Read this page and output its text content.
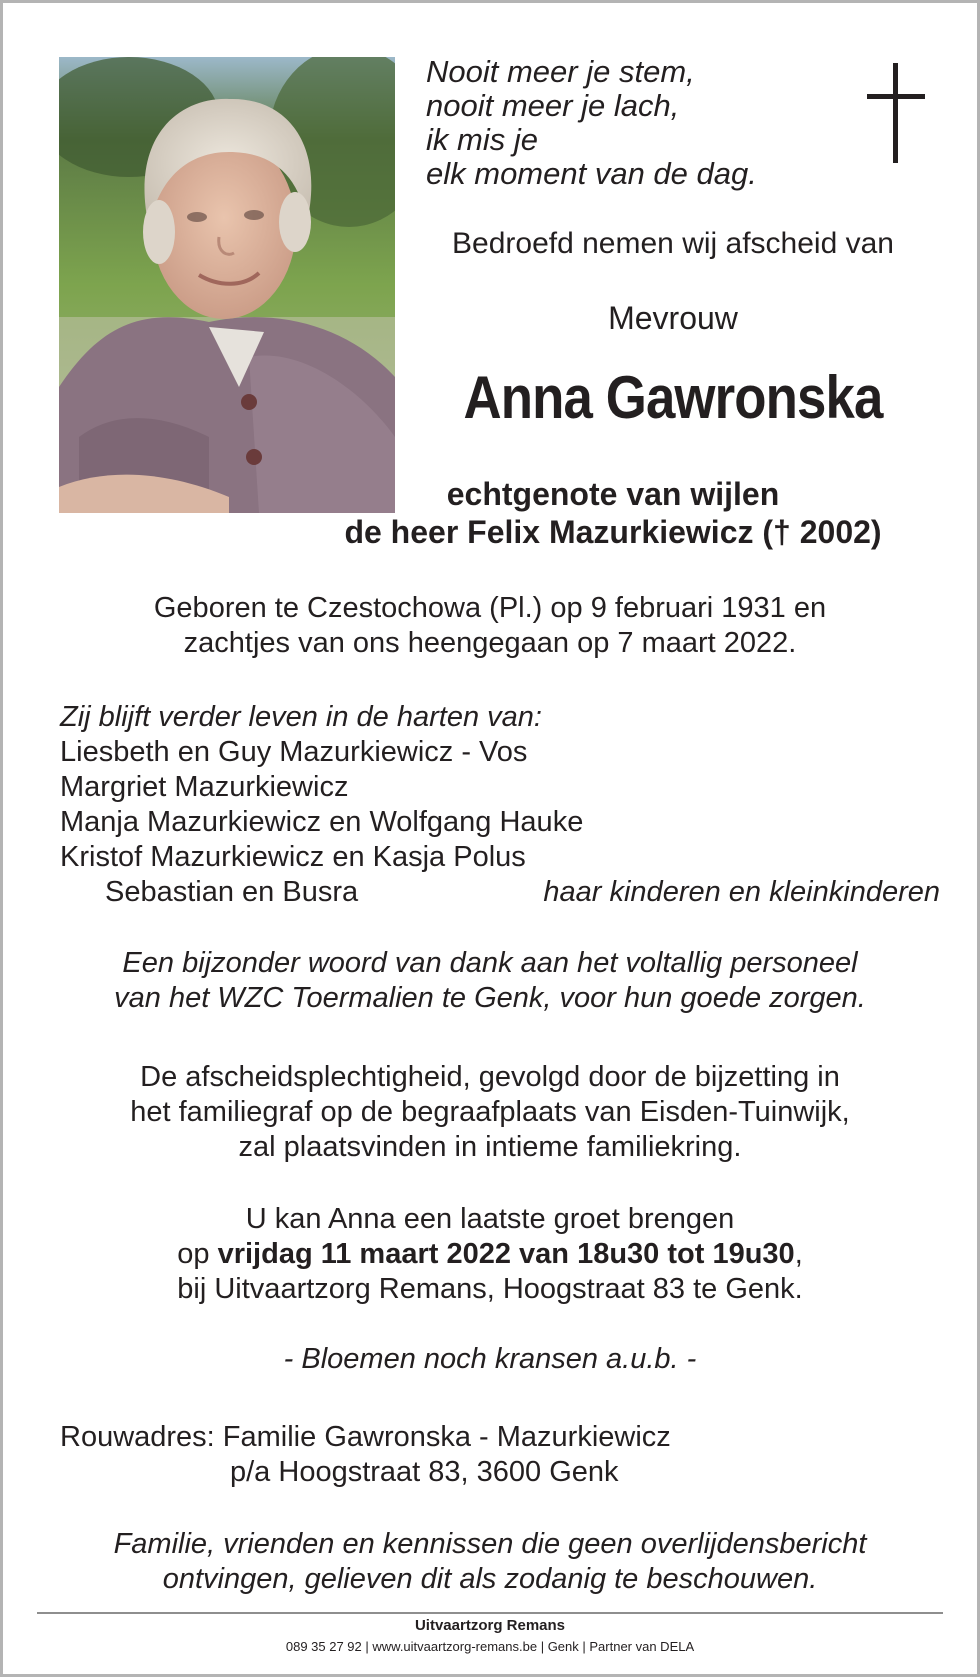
Nooit meer je stem,
nooit meer je lach,
ik mis je
elk moment van de dag.
Bedroefd nemen wij afscheid van
Mevrouw
Anna Gawronska
echtgenote van wijlen
de heer Felix Mazurkiewicz († 2002)
Geboren te Czestochowa (Pl.) op 9 februari 1931 en
zachtjes van ons heengegaan op 7 maart 2022.
Zij blijft verder leven in de harten van:
Liesbeth en Guy Mazurkiewicz - Vos
Margriet Mazurkiewicz
Manja Mazurkiewicz en Wolfgang Hauke
Kristof Mazurkiewicz en Kasja Polus
Sebastian en Busra	haar kinderen en kleinkinderen
Een bijzonder woord van dank aan het voltallig personeel
van het WZC Toermalien te Genk, voor hun goede zorgen.
De afscheidsplechtigheid, gevolgd door de bijzetting in
het familiegraf op de begraafplaats van Eisden-Tuinwijk,
zal plaatsvinden in intieme familiekring.
U kan Anna een laatste groet brengen
op vrijdag 11 maart 2022 van 18u30 tot 19u30,
bij Uitvaartzorg Remans, Hoogstraat 83 te Genk.
- Bloemen noch kransen a.u.b. -
Rouwadres: Familie Gawronska - Mazurkiewicz
p/a Hoogstraat 83, 3600 Genk
Familie, vrienden en kennissen die geen overlijdensbericht
ontvingen, gelieven dit als zodanig te beschouwen.
Uitvaartzorg Remans
089 35 27 92 | www.uitvaartzorg-remans.be | Genk | Partner van DELA
